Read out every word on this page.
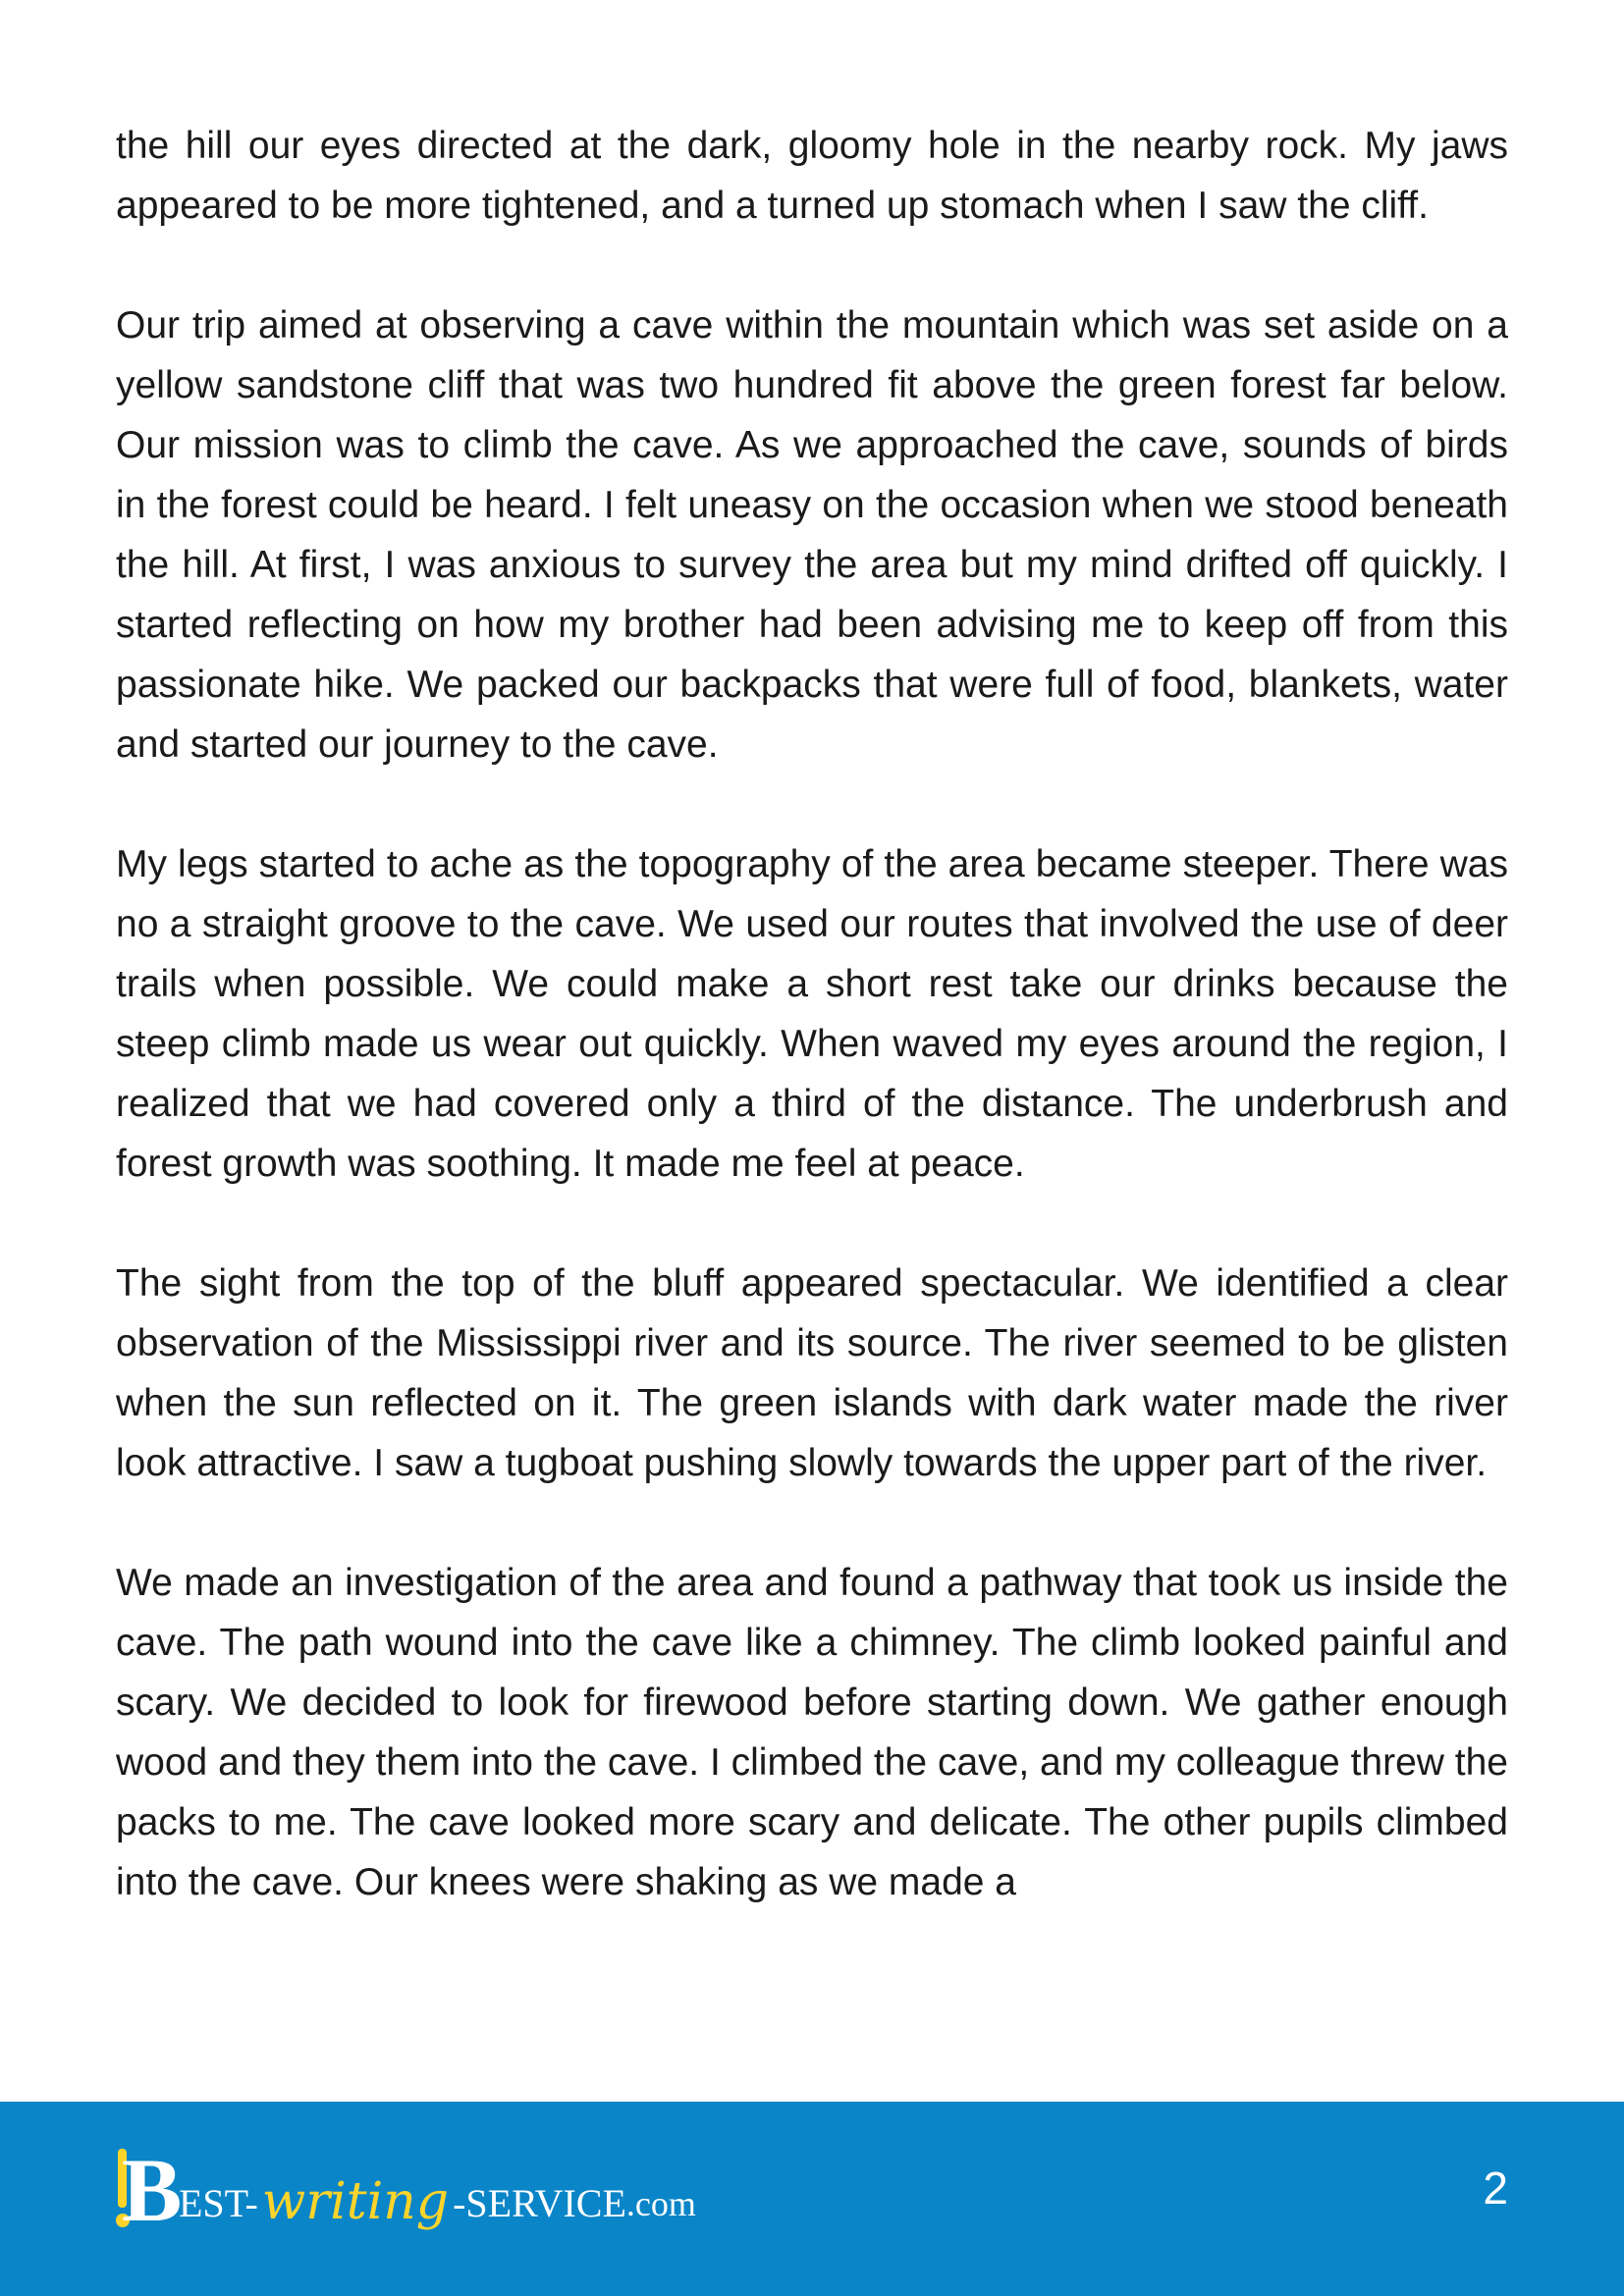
the hill our eyes directed at the dark, gloomy hole in the nearby rock. My jaws appeared to be more tightened, and a turned up stomach when I saw the cliff.

Our trip aimed at observing a cave within the mountain which was set aside on a yellow sandstone cliff that was two hundred fit above the green forest far below. Our mission was to climb the cave. As we approached the cave, sounds of birds in the forest could be heard. I felt uneasy on the occasion when we stood beneath the hill. At first, I was anxious to survey the area but my mind drifted off quickly. I started reflecting on how my brother had been advising me to keep off from this passionate hike. We packed our backpacks that were full of food, blankets, water and started our journey to the cave.

My legs started to ache as the topography of the area became steeper. There was no a straight groove to the cave. We used our routes that involved the use of deer trails when possible. We could make a short rest take our drinks because the steep climb made us wear out quickly. When waved my eyes around the region, I realized that we had covered only a third of the distance. The underbrush and forest growth was soothing. It made me feel at peace.

The sight from the top of the bluff appeared spectacular. We identified a clear observation of the Mississippi river and its source. The river seemed to be glisten when the sun reflected on it. The green islands with dark water made the river look attractive. I saw a tugboat pushing slowly towards the upper part of the river.

We made an investigation of the area and found a pathway that took us inside the cave. The path wound into the cave like a chimney. The climb looked painful and scary. We decided to look for firewood before starting down. We gather enough wood and they them into the cave. I climbed the cave, and my colleague threw the packs to me. The cave looked more scary and delicate. The other pupils climbed into the cave. Our knees were shaking as we made a

B
EST- writing - SERVICE .com	2
